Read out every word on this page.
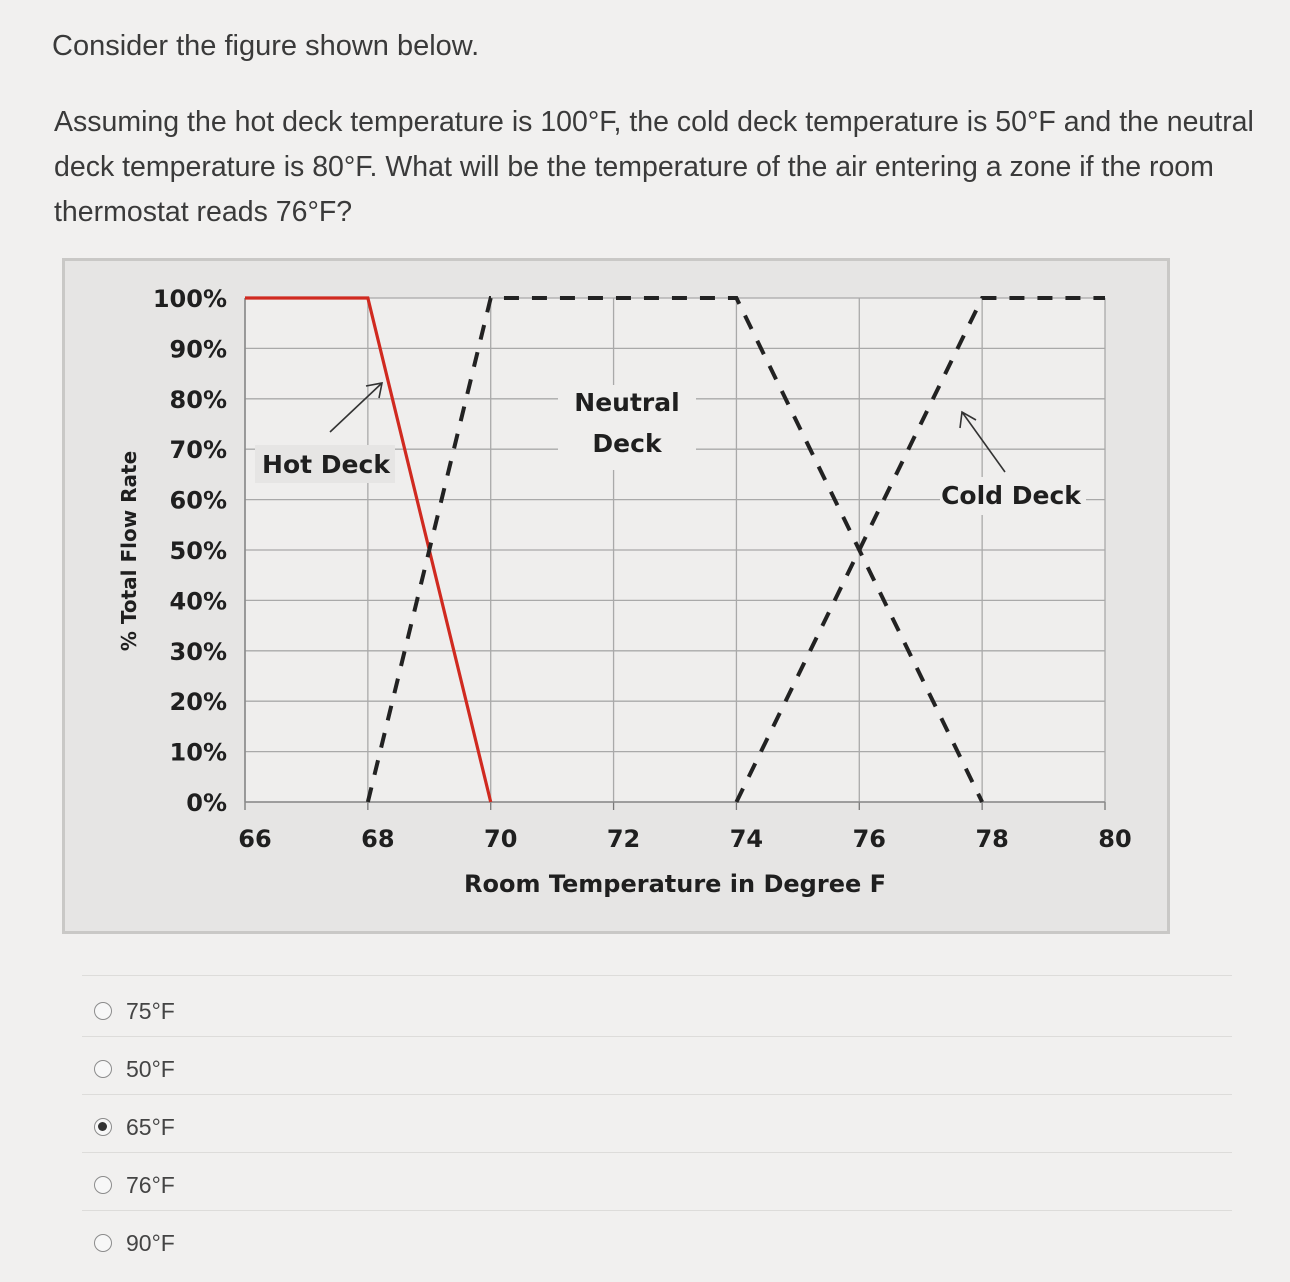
Consider the figure shown below.
Assuming the hot deck temperature is 100°F, the cold deck temperature is 50°F and the neutral deck temperature is 80°F. What will be the temperature of the air entering a zone if the room thermostat reads 76°F?
0%
10%
20%
30%
40%
50%
60%
70%
80%
90%
100%
66	68	70	72	74	76	78	80
Hot Deck
Neutral
Deck
Cold Deck
Room Temperature in Degree F
% Total Flow Rate
75°F
50°F
65°F
76°F
90°F
